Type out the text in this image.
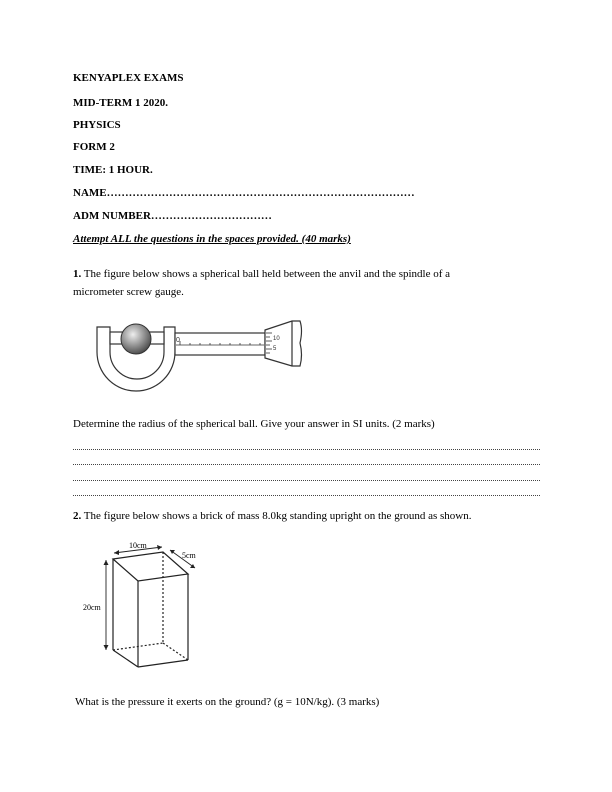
KENYAPLEX EXAMS
MID-TERM 1 2020.
PHYSICS
FORM 2
TIME: 1 HOUR.
NAME…………………………………………………………………………
ADM NUMBER……………………………
Attempt ALL the questions in the spaces provided. (40 marks)
1. The figure below shows a spherical ball held between the anvil and the spindle of a
micrometer screw gauge.
0	10
5
Determine the radius of the spherical ball. Give your answer in SI units. (2 marks)
2. The figure below shows a brick of mass 8.0kg standing upright on the ground as shown.
10cm
5cm
20cm
What is the pressure it exerts on the ground? (g = 10N/kg). (3 marks)
